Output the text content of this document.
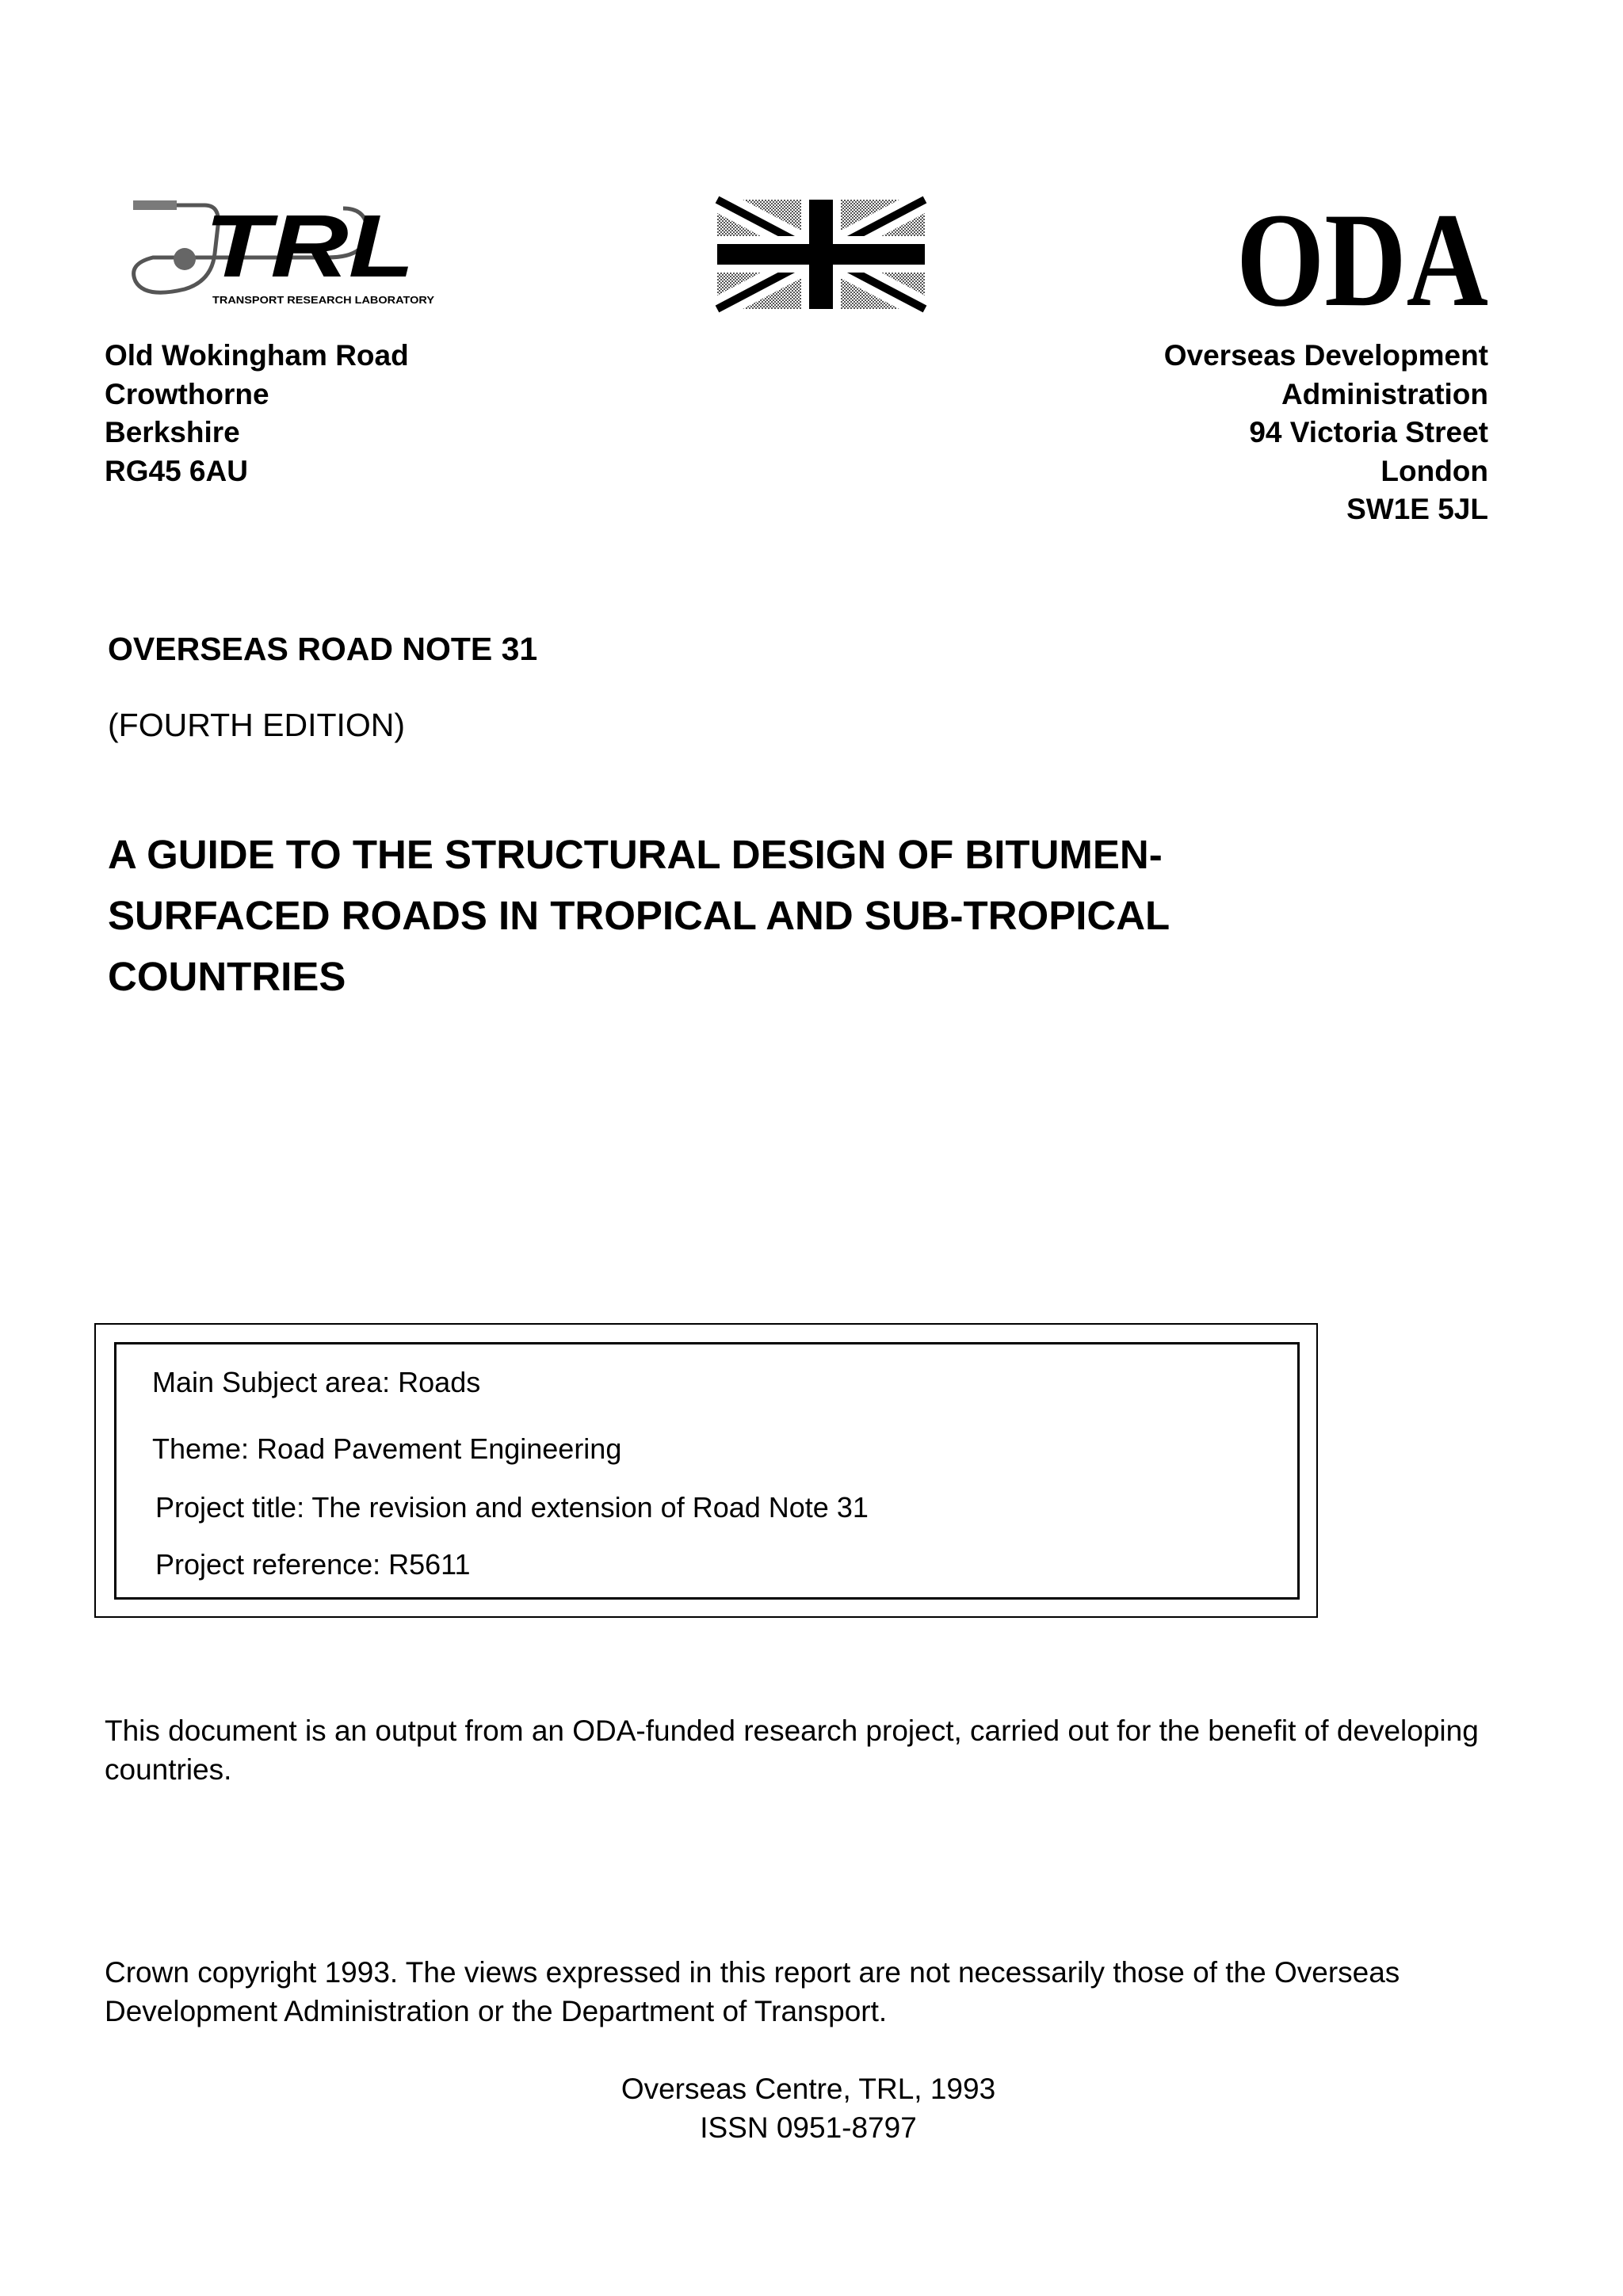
TRL
TRANSPORT RESEARCH LABORATORY	ODA
Old Wokingham Road
Crowthorne
Berkshire
RG45 6AU
Overseas Development
Administration
94 Victoria Street
London
SW1E 5JL
OVERSEAS ROAD NOTE 31
(FOURTH EDITION)
A GUIDE TO THE STRUCTURAL DESIGN OF BITUMEN-
SURFACED ROADS IN TROPICAL AND SUB-TROPICAL
COUNTRIES
Main Subject area: Roads
Theme: Road Pavement Engineering
Project title: The revision and extension of Road Note 31
Project reference: R5611
This document is an output from an ODA-funded research project, carried out for the benefit of developing countries.
Crown copyright 1993. The views expressed in this report are not necessarily those of the Overseas Development Administration or the Department of Transport.
Overseas Centre, TRL, 1993
ISSN 0951-8797
